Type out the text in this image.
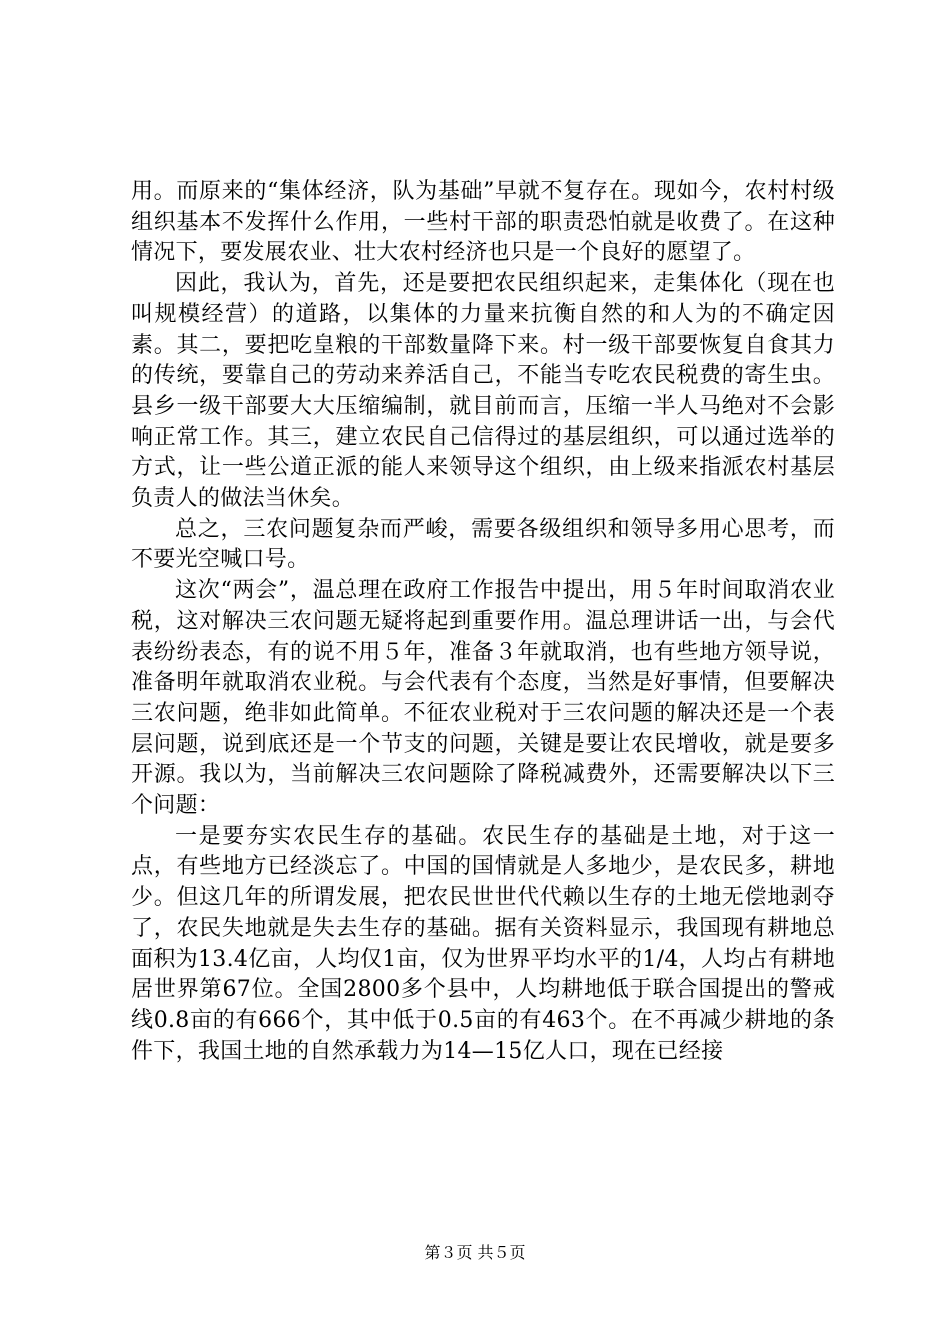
用。而原来的“集体经济，队为基础”早就不复存在。现如今，农村村级组织基本不发挥什么作用，一些村干部的职责恐怕就是收费了。在这种情况下，要发展农业、壮大农村经济也只是一个良好的愿望了。

因此，我认为，首先，还是要把农民组织起来，走集体化（现在也叫规模经营）的道路，以集体的力量来抗衡自然的和人为的不确定因素。其二，要把吃皇粮的干部数量降下来。村一级干部要恢复自食其力的传统，要靠自己的劳动来养活自己，不能当专吃农民税费的寄生虫。县乡一级干部要大大压缩编制，就目前而言，压缩一半人马绝对不会影响正常工作。其三，建立农民自己信得过的基层组织，可以通过选举的方式，让一些公道正派的能人来领导这个组织，由上级来指派农村基层负责人的做法当休矣。

总之，三农问题复杂而严峻，需要各级组织和领导多用心思考，而不要光空喊口号。

这次“两会”，温总理在政府工作报告中提出，用５年时间取消农业税，这对解决三农问题无疑将起到重要作用。温总理讲话一出，与会代表纷纷表态，有的说不用５年，准备３年就取消，也有些地方领导说，准备明年就取消农业税。与会代表有个态度，当然是好事情，但要解决三农问题，绝非如此简单。不征农业税对于三农问题的解决还是一个表层问题，说到底还是一个节支的问题，关键是要让农民增收，就是要多开源。我以为，当前解决三农问题除了降税减费外，还需要解决以下三个问题：

一是要夯实农民生存的基础。农民生存的基础是土地，对于这一点，有些地方已经淡忘了。中国的国情就是人多地少，是农民多，耕地少。但这几年的所谓发展，把农民世世代代赖以生存的土地无偿地剥夺了，农民失地就是失去生存的基础。据有关资料显示，我国现有耕地总面积为13.4亿亩，人均仅1亩，仅为世界平均水平的1/4，人均占有耕地居世界第67位。全国2800多个县中，人均耕地低于联合国提出的警戒线0.8亩的有666个，其中低于0.5亩的有463个。在不再减少耕地的条件下，我国土地的自然承载力为14—15亿人口，现在已经接

第３页 共５页
